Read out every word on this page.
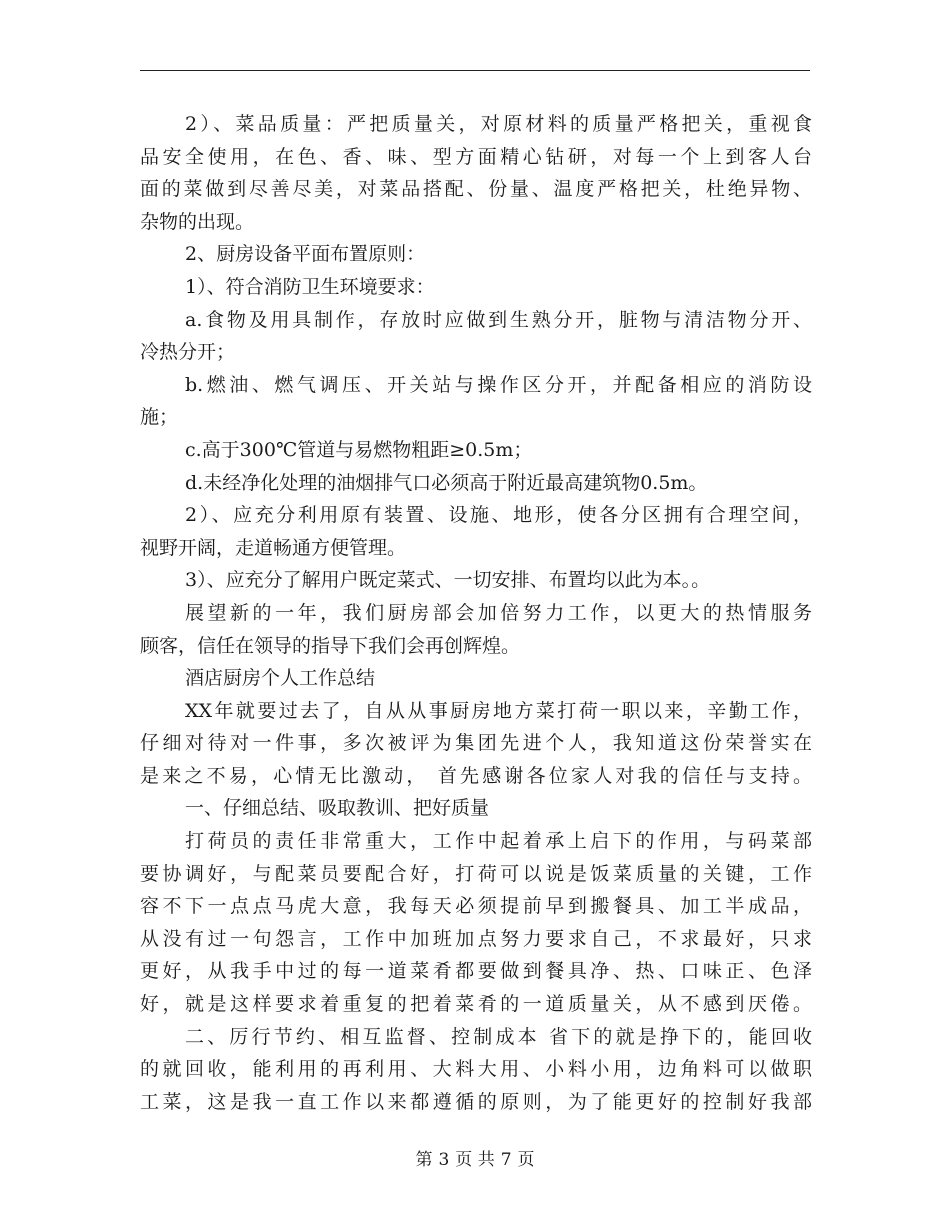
2）、菜品质量：严把质量关，对原材料的质量严格把关，重视食
品安全使用，在色、香、味、型方面精心钻研，对每一个上到客人台
面的菜做到尽善尽美，对菜品搭配、份量、温度严格把关，杜绝异物、
杂物的出现。
2、厨房设备平面布置原则：
1）、符合消防卫生环境要求：
a.食物及用具制作，存放时应做到生熟分开，脏物与清洁物分开、
冷热分开；
b.燃油、燃气调压、开关站与操作区分开，并配备相应的消防设
施；
c.高于300℃管道与易燃物粗距≥0.5m；
d.未经净化处理的油烟排气口必须高于附近最高建筑物0.5m。
2）、应充分利用原有装置、设施、地形，使各分区拥有合理空间，
视野开阔，走道畅通方便管理。
3）、应充分了解用户既定菜式、一切安排、布置均以此为本。。
展望新的一年，我们厨房部会加倍努力工作，以更大的热情服务
顾客，信任在领导的指导下我们会再创辉煌。
酒店厨房个人工作总结
XX年就要过去了，自从从事厨房地方菜打荷一职以来，辛勤工作，
仔细对待对一件事，多次被评为集团先进个人，我知道这份荣誉实在
是来之不易，心情无比激动， 首先感谢各位家人对我的信任与支持。
一、仔细总结、吸取教训、把好质量
打荷员的责任非常重大，工作中起着承上启下的作用，与码菜部
要协调好，与配菜员要配合好，打荷可以说是饭菜质量的关键，工作
容不下一点点马虎大意，我每天必须提前早到搬餐具、加工半成品，
从没有过一句怨言，工作中加班加点努力要求自己，不求最好，只求
更好，从我手中过的每一道菜肴都要做到餐具净、热、口味正、色泽
好，就是这样要求着重复的把着菜肴的一道质量关，从不感到厌倦。
二、厉行节约、相互监督、控制成本 省下的就是挣下的，能回收
的就回收，能利用的再利用、大料大用、小料小用，边角料可以做职
工菜，这是我一直工作以来都遵循的原则，为了能更好的控制好我部
第 3 页 共 7 页
